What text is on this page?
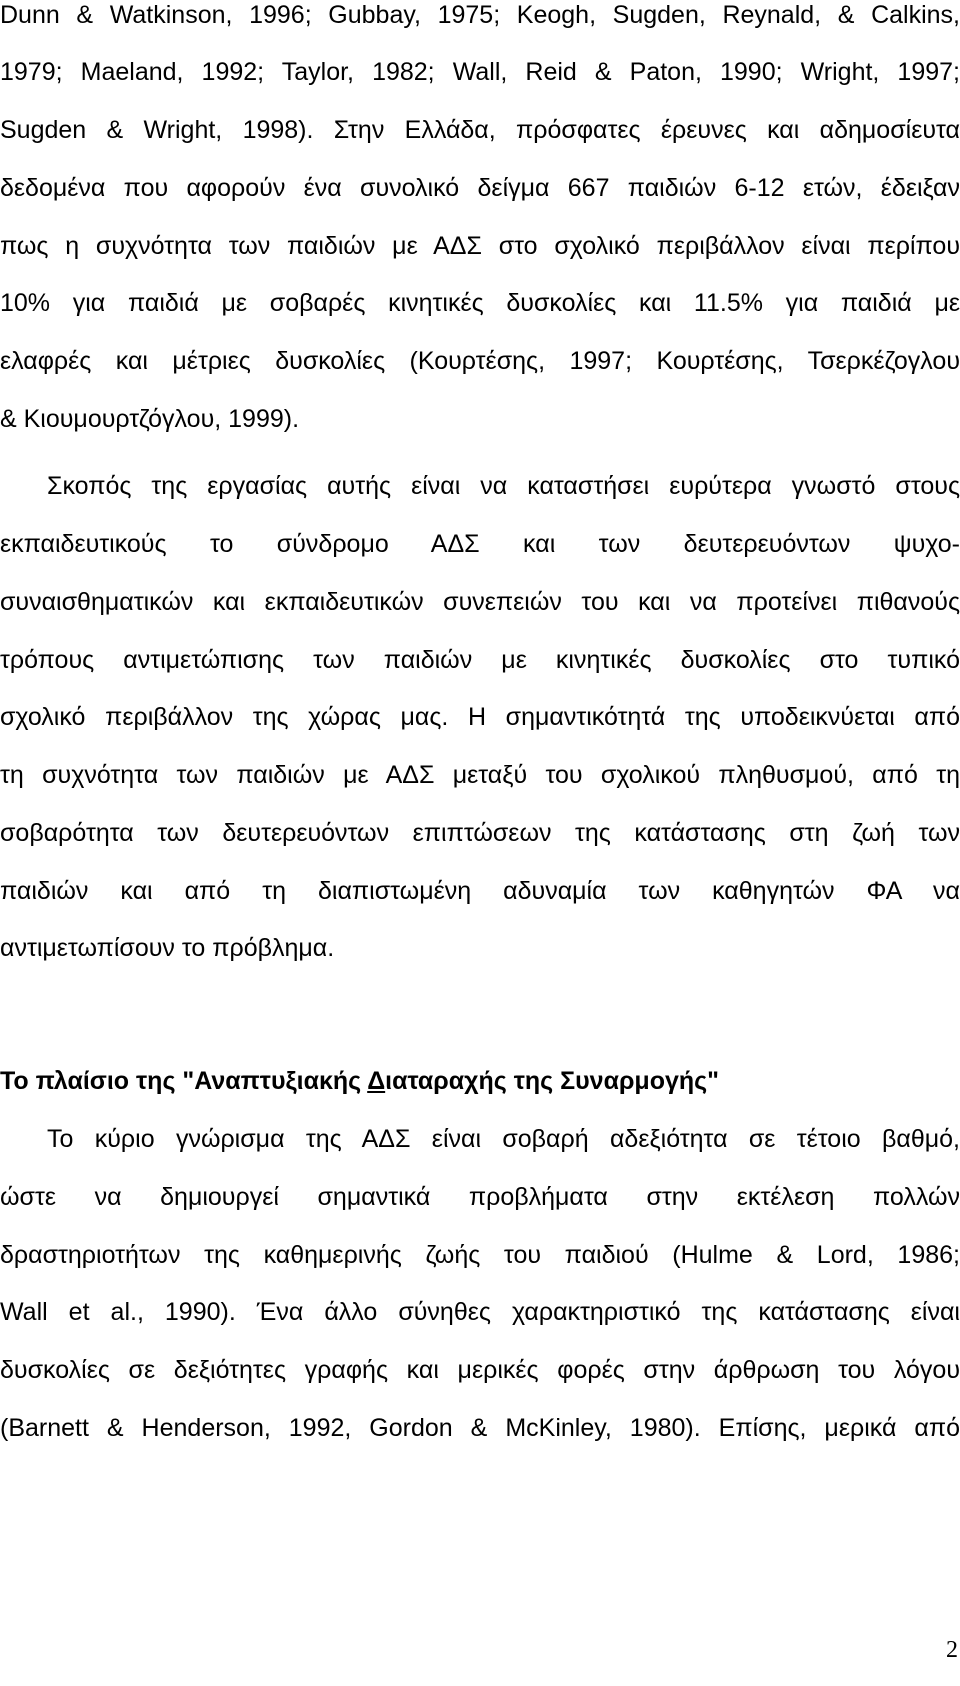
Dunn & Watkinson, 1996; Gubbay, 1975; Keogh, Sugden, Reynald, & Calkins,

1979; Maeland, 1992; Taylor, 1982; Wall, Reid & Paton, 1990; Wright, 1997;

Sugden & Wright, 1998). Στην Ελλάδα, πρόσφατες έρευνες και αδημοσίευτα

δεδομένα που αφορούν ένα συνολικό δείγμα 667 παιδιών 6-12 ετών, έδειξαν

πως η συχνότητα των παιδιών με ΑΔΣ στο σχολικό περιβάλλον είναι περίπου

10% για παιδιά με σοβαρές κινητικές δυσκολίες και 11.5% για παιδιά με

ελαφρές και μέτριες δυσκολίες (Κουρτέσης, 1997; Κουρτέσης, Τσερκέζογλου

& Κιουμουρτζόγλου, 1999).

Σκοπός της εργασίας αυτής είναι να καταστήσει ευρύτερα γνωστό στους

εκπαιδευτικούς το σύνδρομο ΑΔΣ και των δευτερευόντων ψυχο-

συναισθηματικών και εκπαιδευτικών συνεπειών του και να προτείνει πιθανούς

τρόπους αντιμετώπισης των παιδιών με κινητικές δυσκολίες στο τυπικό

σχολικό περιβάλλον της χώρας μας. Η σημαντικότητά της υποδεικνύεται από

τη συχνότητα των παιδιών με ΑΔΣ μεταξύ του σχολικού πληθυσμού, από τη

σοβαρότητα των δευτερευόντων επιπτώσεων της κατάστασης στη ζωή των

παιδιών και από τη διαπιστωμένη αδυναμία των καθηγητών ΦΑ να

αντιμετωπίσουν το πρόβλημα.

Το πλαίσιο της "Αναπτυξιακής Διαταραχής της Συναρμογής"

Το κύριο γνώρισμα της ΑΔΣ είναι σοβαρή αδεξιότητα σε τέτοιο βαθμό,

ώστε να δημιουργεί σημαντικά προβλήματα στην εκτέλεση πολλών

δραστηριοτήτων της καθημερινής ζωής του παιδιού (Hulme & Lord, 1986;

Wall et al., 1990). Ένα άλλο σύνηθες χαρακτηριστικό της κατάστασης είναι

δυσκολίες σε δεξιότητες γραφής και μερικές φορές στην άρθρωση του λόγου

(Barnett & Henderson, 1992, Gordon & McKinley, 1980). Επίσης, μερικά από

2
